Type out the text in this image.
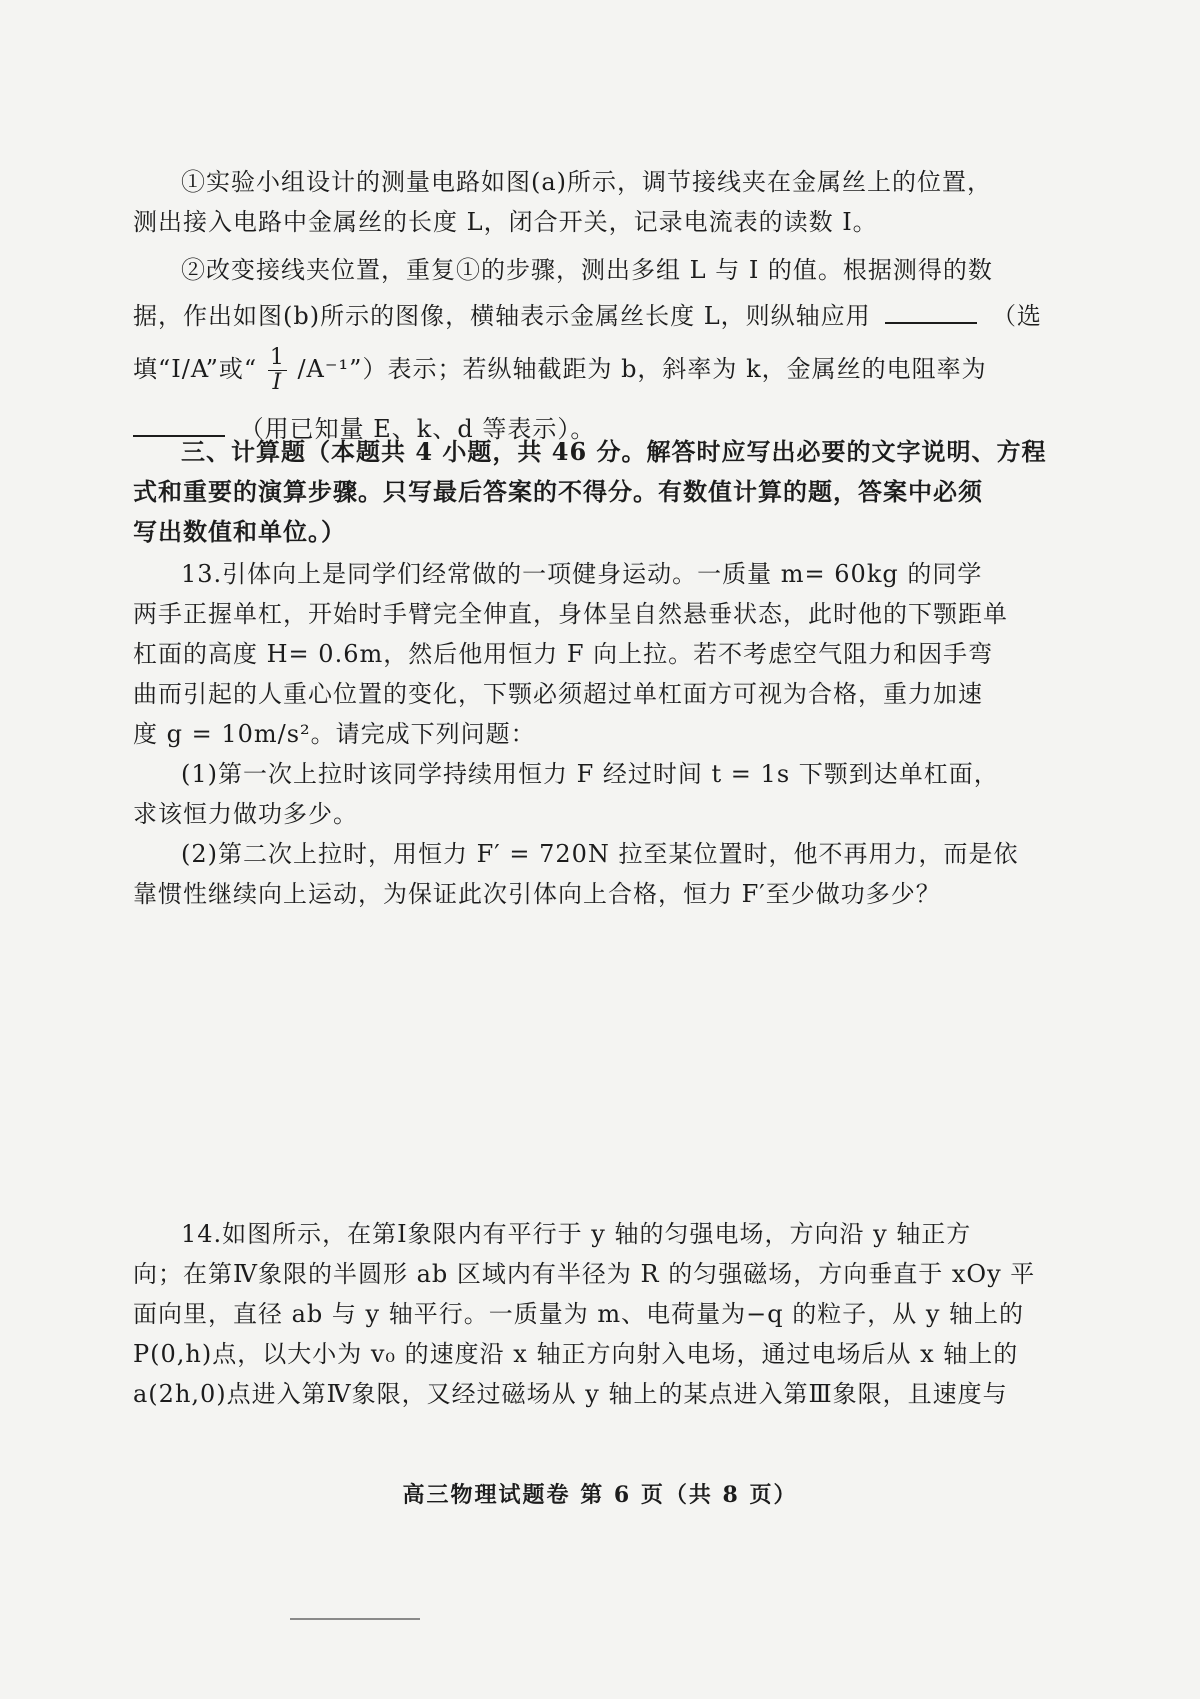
①实验小组设计的测量电路如图(a)所示，调节接线夹在金属丝上的位置，
测出接入电路中金属丝的长度 L，闭合开关，记录电流表的读数 I。
②改变接线夹位置，重复①的步骤，测出多组 L 与 I 的值。根据测得的数
据，作出如图(b)所示的图像，横轴表示金属丝长度 L，则纵轴应用	（选
填“I/A”或“ $\frac{1}{I}$ /A⁻¹”）表示；若纵轴截距为 b，斜率为 k，金属丝的电阻率为
（用已知量 E、k、d 等表示）。
三、计算题（本题共 4 小题，共 46 分。解答时应写出必要的文字说明、方程
式和重要的演算步骤。只写最后答案的不得分。有数值计算的题，答案中必须
写出数值和单位。）
13.引体向上是同学们经常做的一项健身运动。一质量 m= 60kg 的同学
两手正握单杠，开始时手臂完全伸直，身体呈自然悬垂状态，此时他的下颚距单
杠面的高度 H= 0.6m，然后他用恒力 F 向上拉。若不考虑空气阻力和因手弯
曲而引起的人重心位置的变化，下颚必须超过单杠面方可视为合格，重力加速
度 g = 10m/s²。请完成下列问题：
(1)第一次上拉时该同学持续用恒力 F 经过时间 t = 1s 下颚到达单杠面，
求该恒力做功多少。
(2)第二次上拉时，用恒力 F′ = 720N 拉至某位置时，他不再用力，而是依
靠惯性继续向上运动，为保证此次引体向上合格，恒力 F′至少做功多少？
14.如图所示，在第Ⅰ象限内有平行于 y 轴的匀强电场，方向沿 y 轴正方
向；在第Ⅳ象限的半圆形 ab 区域内有半径为 R 的匀强磁场，方向垂直于 xOy 平
面向里，直径 ab 与 y 轴平行。一质量为 m、电荷量为−q 的粒子，从 y 轴上的
P(0,h)点，以大小为 v₀ 的速度沿 x 轴正方向射入电场，通过电场后从 x 轴上的
a(2h,0)点进入第Ⅳ象限，又经过磁场从 y 轴上的某点进入第Ⅲ象限，且速度与
高三物理试题卷 第 6 页（共 8 页）
